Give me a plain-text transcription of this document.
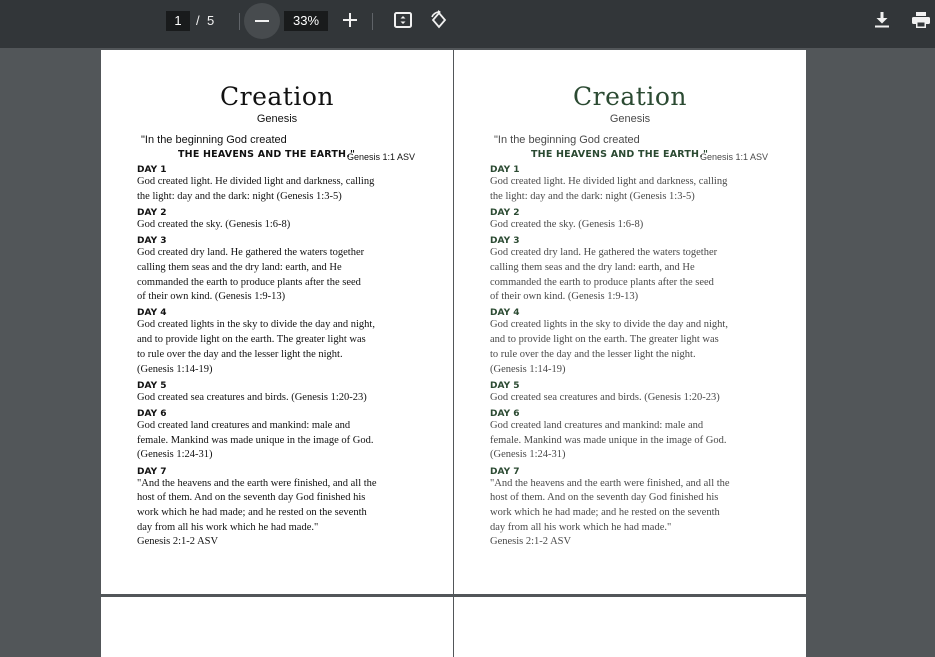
1	/ 5	33%
Creation
Genesis
"In the beginning God created
THE HEAVENS AND THE EARTH."
Genesis 1:1 ASV
DAY 1
God created light. He divided light and darkness, calling
the light: day and the dark: night (Genesis 1:3-5)
DAY 2
God created the sky. (Genesis 1:6-8)
DAY 3
God created dry land. He gathered the waters together
calling them seas and the dry land: earth, and He
commanded the earth to produce plants after the seed
of their own kind. (Genesis 1:9-13)
DAY 4
God created lights in the sky to divide the day and night,
and to provide light on the earth. The greater light was
to rule over the day and the lesser light the night.
(Genesis 1:14-19)
DAY 5
God created sea creatures and birds. (Genesis 1:20-23)
DAY 6
God created land creatures and mankind: male and
female. Mankind was made unique in the image of God.
(Genesis 1:24-31)
DAY 7
"And the heavens and the earth were finished, and all the
host of them. And on the seventh day God finished his
work which he had made; and he rested on the seventh
day from all his work which he had made."
Genesis 2:1-2 ASV
Creation
Genesis
"In the beginning God created
THE HEAVENS AND THE EARTH."
Genesis 1:1 ASV
DAY 1
God created light. He divided light and darkness, calling
the light: day and the dark: night (Genesis 1:3-5)
DAY 2
God created the sky. (Genesis 1:6-8)
DAY 3
God created dry land. He gathered the waters together
calling them seas and the dry land: earth, and He
commanded the earth to produce plants after the seed
of their own kind. (Genesis 1:9-13)
DAY 4
God created lights in the sky to divide the day and night,
and to provide light on the earth. The greater light was
to rule over the day and the lesser light the night.
(Genesis 1:14-19)
DAY 5
God created sea creatures and birds. (Genesis 1:20-23)
DAY 6
God created land creatures and mankind: male and
female. Mankind was made unique in the image of God.
(Genesis 1:24-31)
DAY 7
"And the heavens and the earth were finished, and all the
host of them. And on the seventh day God finished his
work which he had made; and he rested on the seventh
day from all his work which he had made."
Genesis 2:1-2 ASV
